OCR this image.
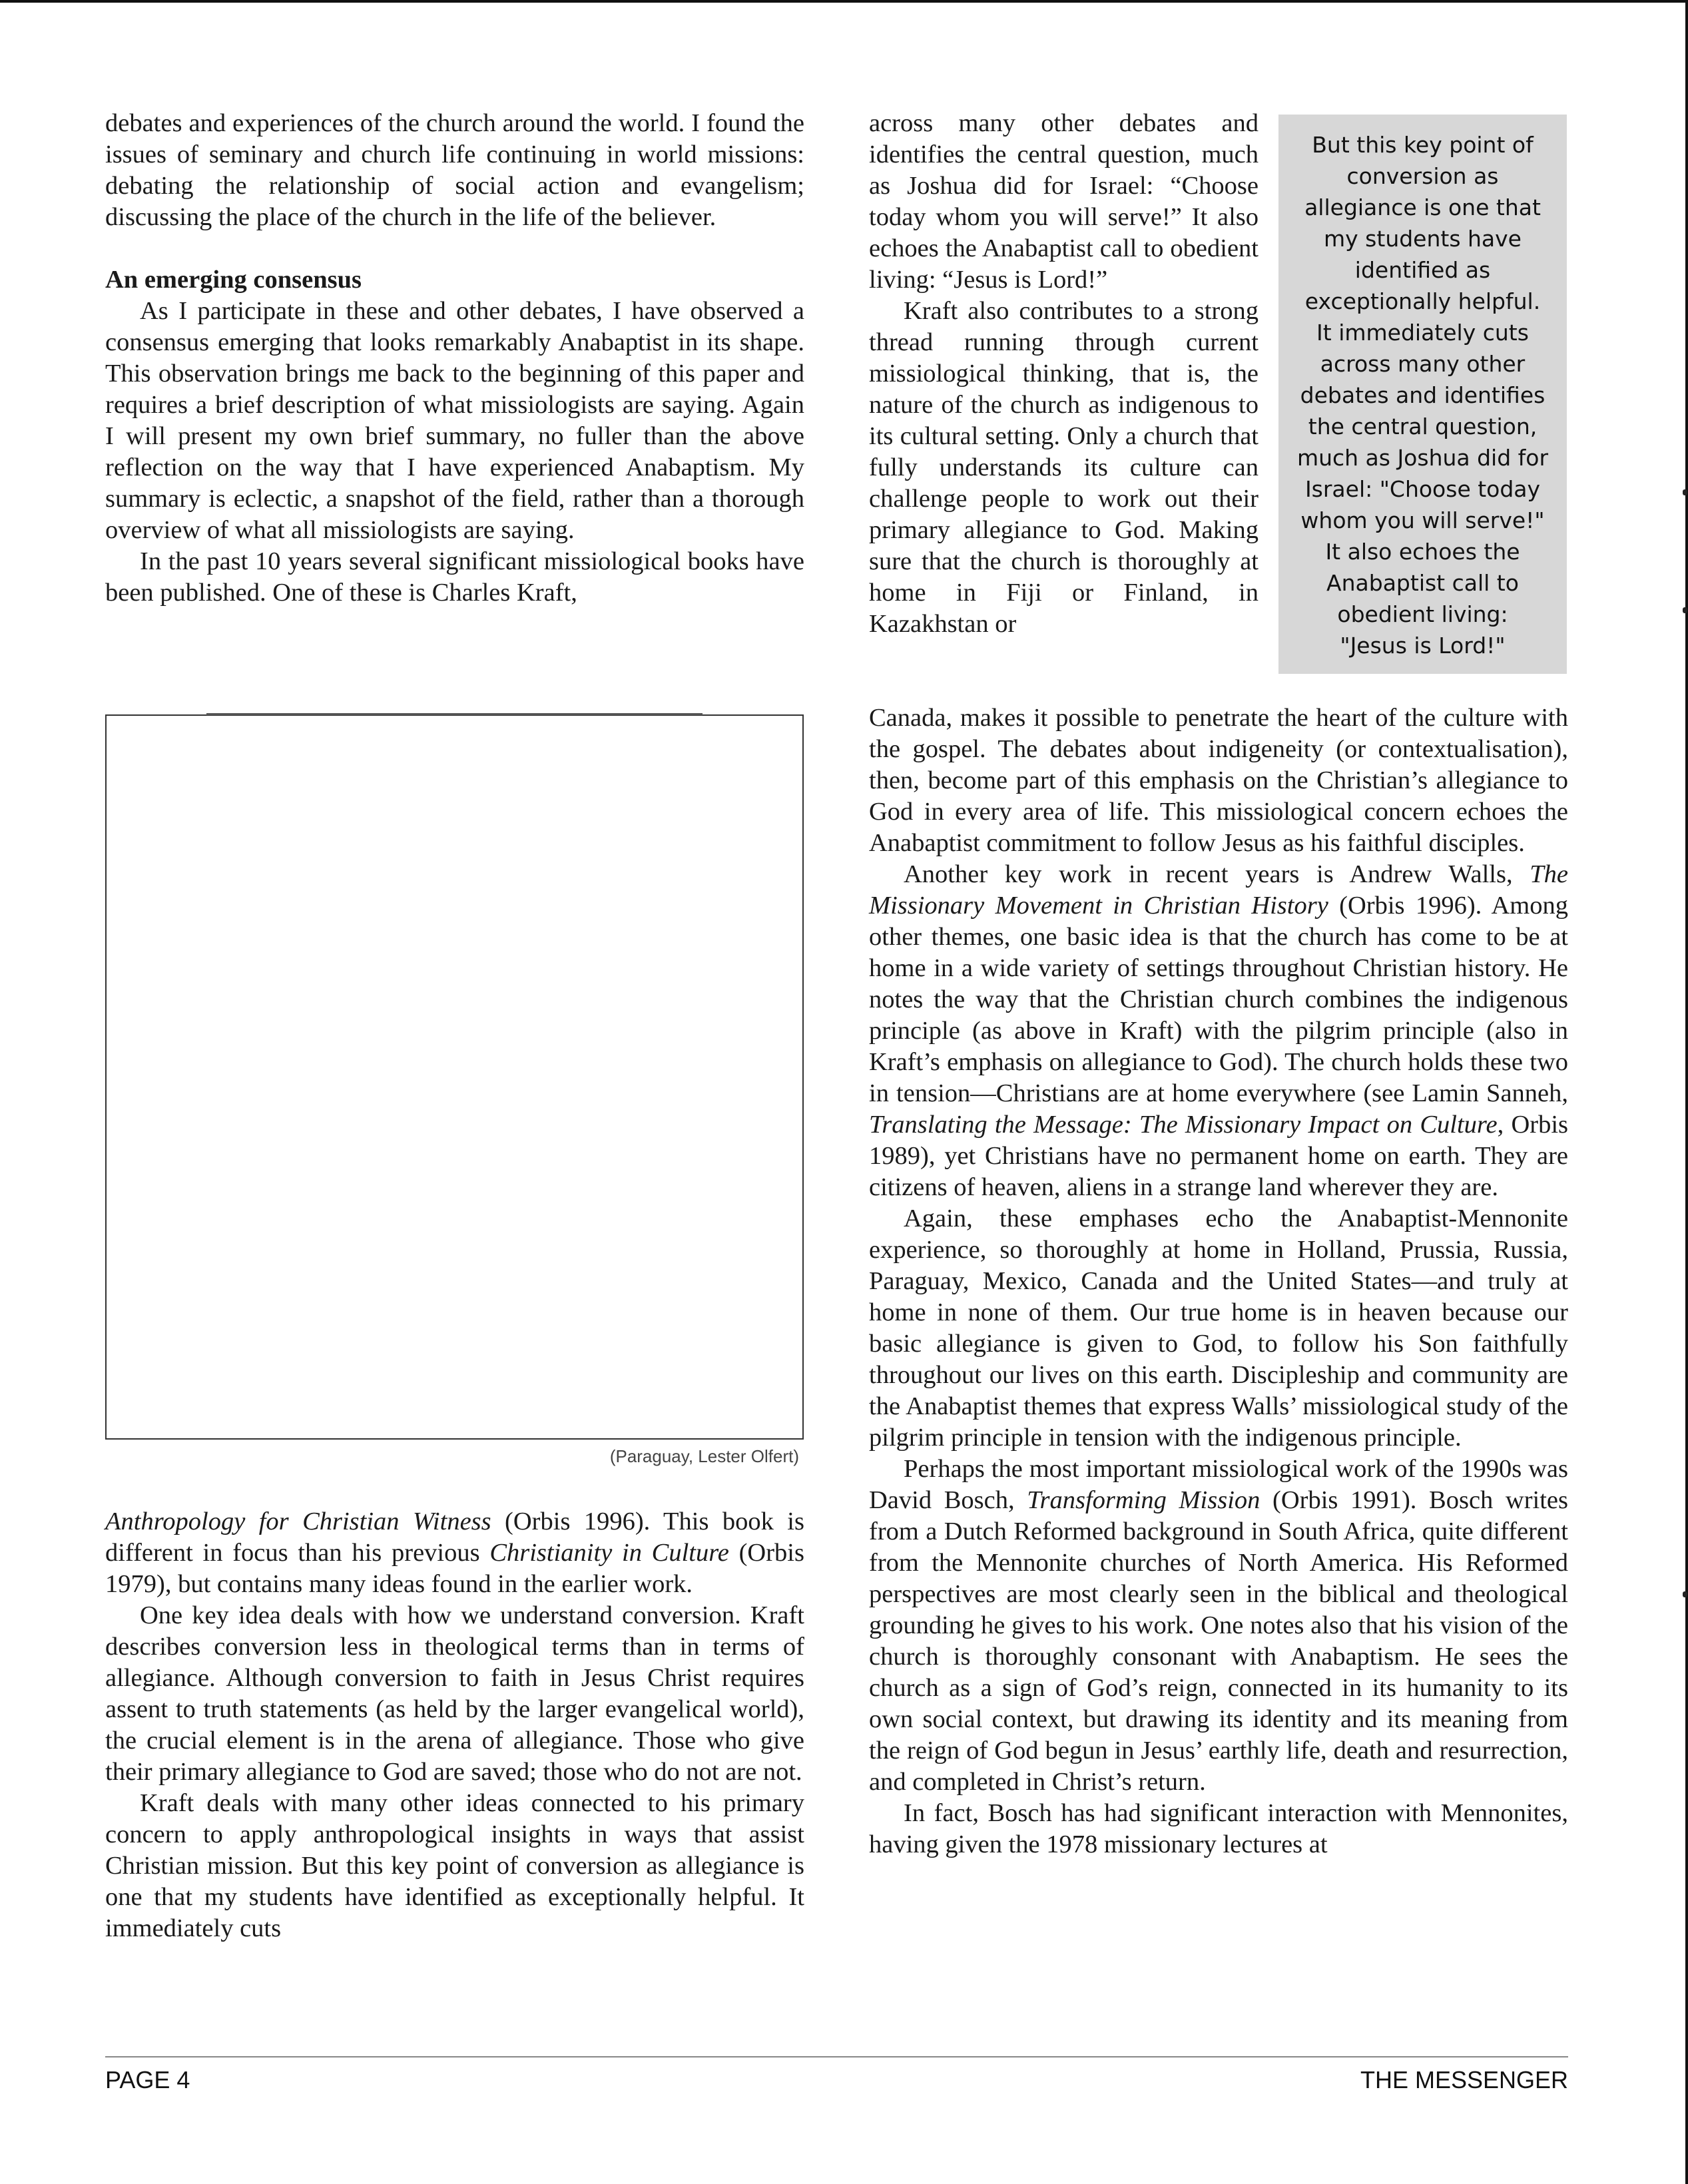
debates and experiences of the church around the world. I found the issues of seminary and church life continuing in world missions: debating the relationship of social action and evangelism; discussing the place of the church in the life of the believer.

An emerging consensus

As I participate in these and other debates, I have observed a consensus emerging that looks remarkably Anabaptist in its shape. This observation brings me back to the beginning of this paper and requires a brief description of what missiologists are saying. Again I will present my own brief summary, no fuller than the above reflection on the way that I have experienced Anabaptism. My summary is eclectic, a snapshot of the field, rather than a thorough overview of what all missiologists are saying.

In the past 10 years several significant missiological books have been published. One of these is Charles Kraft,

(Paraguay, Lester Olfert)

Anthropology for Christian Witness (Orbis 1996). This book is different in focus than his previous Christianity in Culture (Orbis 1979), but contains many ideas found in the earlier work.

One key idea deals with how we understand conversion. Kraft describes conversion less in theological terms than in terms of allegiance. Although conversion to faith in Jesus Christ requires assent to truth statements (as held by the larger evangelical world), the crucial element is in the arena of allegiance. Those who give their primary allegiance to God are saved; those who do not are not.

Kraft deals with many other ideas connected to his primary concern to apply anthropological insights in ways that assist Christian mission. But this key point of conversion as allegiance is one that my students have identified as exceptionally helpful. It immediately cuts

across many other debates and identifies the central question, much as Joshua did for Israel: “Choose today whom you will serve!” It also echoes the Anabaptist call to obedient living: “Jesus is Lord!”

Kraft also contributes to a strong thread running through current missiological thinking, that is, the nature of the church as indigenous to its cultural setting. Only a church that fully understands its culture can challenge people to work out their primary allegiance to God. Making sure that the church is thoroughly at home in Fiji or Finland, in Kazakhstan or

But this key point of
conversion as
allegiance is one that
my students have
identified as
exceptionally helpful.
It immediately cuts
across many other
debates and identifies
the central question,
much as Joshua did for
Israel: "Choose today
whom you will serve!"
It also echoes the
Anabaptist call to
obedient living:
"Jesus is Lord!"

Canada, makes it possible to penetrate the heart of the culture with the gospel. The debates about indigeneity (or contextualisation), then, become part of this emphasis on the Christian’s allegiance to God in every area of life. This missiological concern echoes the Anabaptist commitment to follow Jesus as his faithful disciples.

Another key work in recent years is Andrew Walls, The Missionary Movement in Christian History (Orbis 1996). Among other themes, one basic idea is that the church has come to be at home in a wide variety of settings throughout Christian history. He notes the way that the Christian church combines the indigenous principle (as above in Kraft) with the pilgrim principle (also in Kraft’s emphasis on allegiance to God). The church holds these two in tension—Christians are at home everywhere (see Lamin Sanneh, Translating the Message: The Missionary Impact on Culture, Orbis 1989), yet Christians have no permanent home on earth. They are citizens of heaven, aliens in a strange land wherever they are.

Again, these emphases echo the Anabaptist-Mennonite experience, so thoroughly at home in Holland, Prussia, Russia, Paraguay, Mexico, Canada and the United States—and truly at home in none of them. Our true home is in heaven because our basic allegiance is given to God, to follow his Son faithfully throughout our lives on this earth. Discipleship and community are the Anabaptist themes that express Walls’ missiological study of the pilgrim principle in tension with the indigenous principle.

Perhaps the most important missiological work of the 1990s was David Bosch, Transforming Mission (Orbis 1991). Bosch writes from a Dutch Reformed background in South Africa, quite different from the Mennonite churches of North America. His Reformed perspectives are most clearly seen in the biblical and theological grounding he gives to his work. One notes also that his vision of the church is thoroughly consonant with Anabaptism. He sees the church as a sign of God’s reign, connected in its humanity to its own social context, but drawing its identity and its meaning from the reign of God begun in Jesus’ earthly life, death and resurrection, and completed in Christ’s return.

In fact, Bosch has had significant interaction with Mennonites, having given the 1978 missionary lectures at

PAGE 4	THE MESSENGER
